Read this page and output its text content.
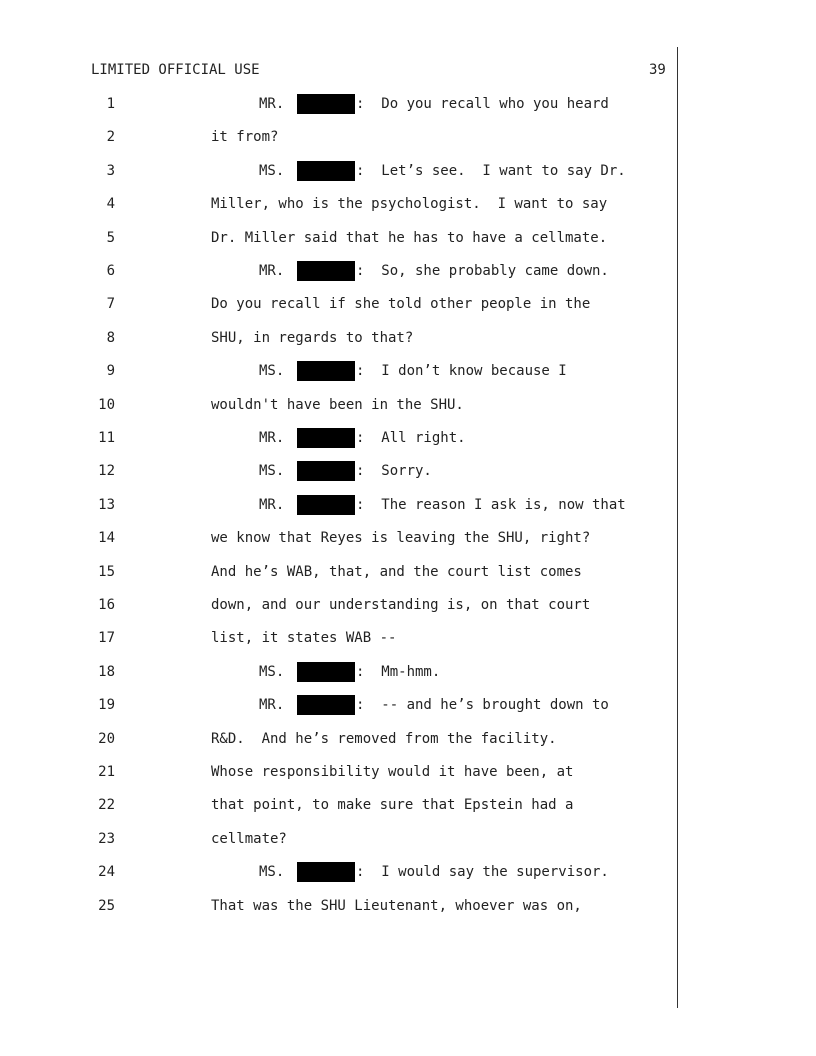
LIMITED OFFICIAL USE	39
1	MR.	:  Do you recall who you heard
2	it from?
3	MS.	:  Let’s see.  I want to say Dr.
4	Miller, who is the psychologist.  I want to say
5	Dr. Miller said that he has to have a cellmate.
6	MR.	:  So, she probably came down.
7	Do you recall if she told other people in the
8	SHU, in regards to that?
9	MS.	:  I don’t know because I
10	wouldn't have been in the SHU.
11	MR.	:  All right.
12	MS.	:  Sorry.
13	MR.	:  The reason I ask is, now that
14	we know that Reyes is leaving the SHU, right?
15	And he’s WAB, that, and the court list comes
16	down, and our understanding is, on that court
17	list, it states WAB --
18	MS.	:  Mm-hmm.
19	MR.	:  -- and he’s brought down to
20	R&D.  And he’s removed from the facility.
21	Whose responsibility would it have been, at
22	that point, to make sure that Epstein had a
23	cellmate?
24	MS.	:  I would say the supervisor.
25	That was the SHU Lieutenant, whoever was on,
